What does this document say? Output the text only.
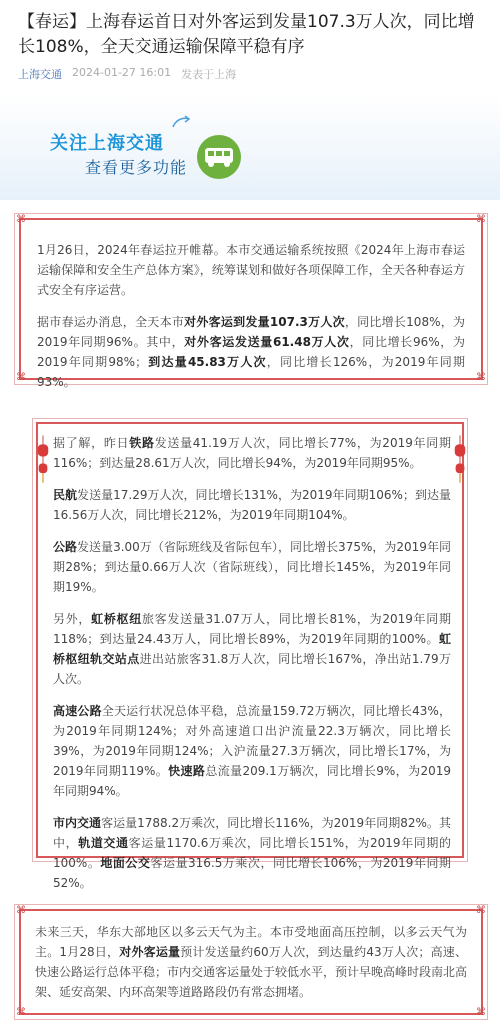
【春运】上海春运首日对外客运到发量107.3万人次，同比增长108%，全天交通运输保障平稳有序
上海交通 2024-01-27 16:01 发表于上海
关注上海交通
查看更多功能
⌘	⌘
⌘	⌘

1月26日，2024年春运拉开帷幕。本市交通运输系统按照《2024年上海市春运运输保障和安全生产总体方案》，统筹谋划和做好各项保障工作，全天各种春运方式安全有序运营。

据市春运办消息，全天本市对外客运到发量107.3万人次，同比增长108%，为2019年同期96%。其中，对外客运发送量61.48万人次，同比增长96%，为2019年同期98%；到达量45.83万人次，同比增长126%，为2019年同期93%。

据了解，昨日铁路发送量41.19万人次，同比增长77%，为2019年同期116%；到达量28.61万人次，同比增长94%，为2019年同期95%。

民航发送量17.29万人次，同比增长131%，为2019年同期106%；到达量16.56万人次，同比增长212%，为2019年同期104%。

公路发送量3.00万（省际班线及省际包车），同比增长375%，为2019年同期28%；到达量0.66万人次（省际班线），同比增长145%，为2019年同期19%。

另外，虹桥枢纽旅客发送量31.07万人，同比增长81%，为2019年同期118%；到达量24.43万人，同比增长89%，为2019年同期的100%。虹桥枢纽轨交站点进出站旅客31.8万人次，同比增长167%，净出站1.79万人次。

高速公路全天运行状况总体平稳，总流量159.72万辆次，同比增长43%，为2019年同期124%；对外高速道口出沪流量22.3万辆次，同比增长39%，为2019年同期124%；入沪流量27.3万辆次，同比增长17%，为2019年同期119%。快速路总流量209.1万辆次，同比增长9%，为2019年同期94%。

市内交通客运量1788.2万乘次，同比增长116%，为2019年同期82%。其中，轨道交通客运量1170.6万乘次，同比增长151%，为2019年同期的100%。地面公交客运量316.5万乘次，同比增长106%，为2019年同期52%。

⌘	⌘
⌘	⌘

未来三天，华东大部地区以多云天气为主。本市受地面高压控制，以多云天气为主。1月28日，对外客运量预计发送量约60万人次，到达量约43万人次；高速、快速公路运行总体平稳；市内交通客运量处于较低水平，预计早晚高峰时段南北高架、延安高架、内环高架等道路路段仍有常态拥堵。
